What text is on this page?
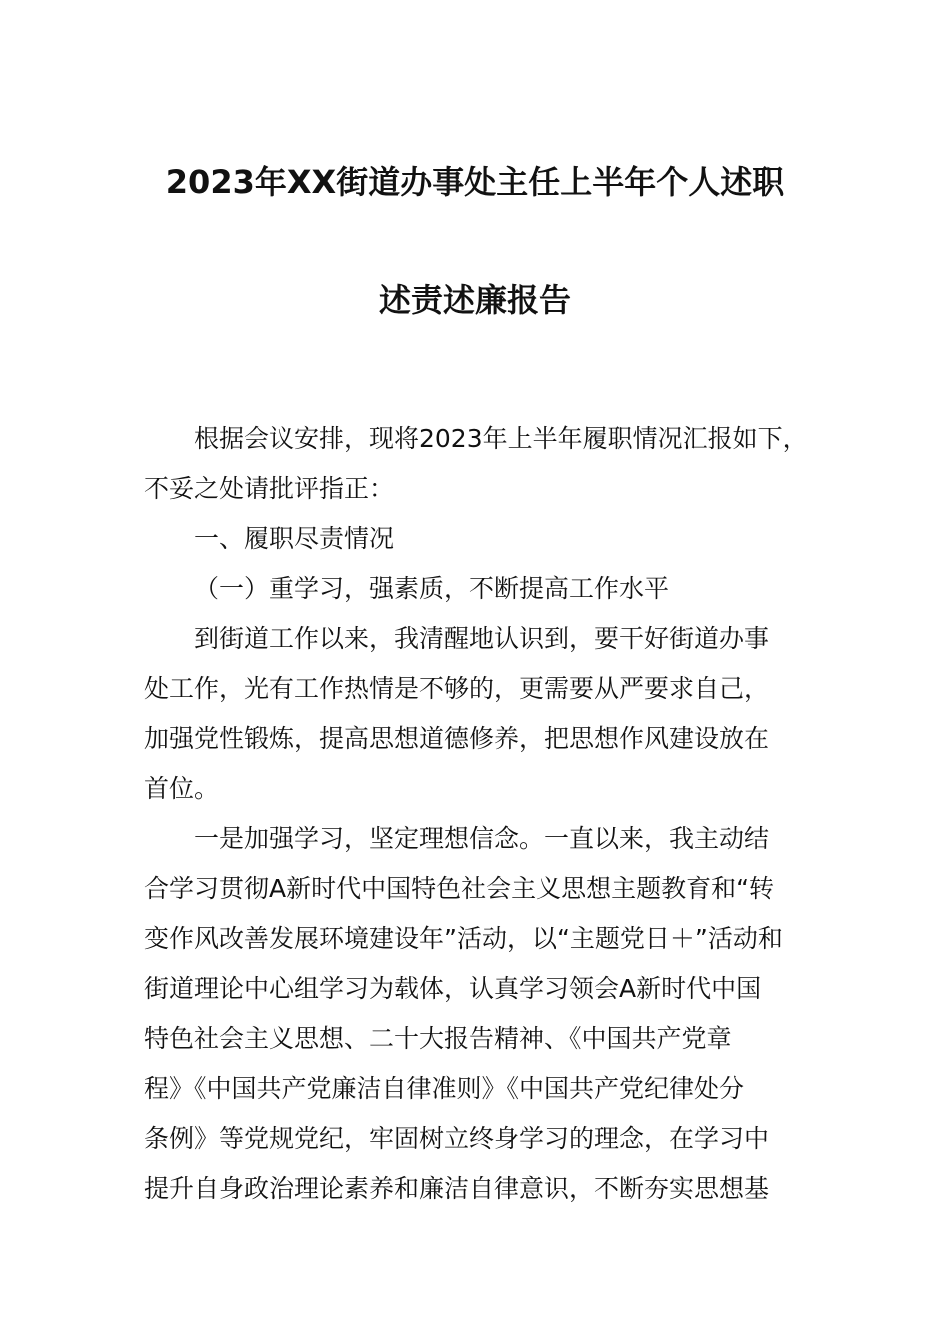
2023年XX街道办事处主任上半年个人述职
述责述廉报告
根据会议安排，现将2023年上半年履职情况汇报如下，
不妥之处请批评指正：
一、履职尽责情况
（一）重学习，强素质，不断提高工作水平
到街道工作以来，我清醒地认识到，要干好街道办事
处工作，光有工作热情是不够的，更需要从严要求自己，
加强党性锻炼，提高思想道德修养，把思想作风建设放在
首位。
一是加强学习，坚定理想信念。一直以来，我主动结
合学习贯彻A新时代中国特色社会主义思想主题教育和“转
变作风改善发展环境建设年”活动，以“主题党日＋”活动和
街道理论中心组学习为载体，认真学习领会A新时代中国
特色社会主义思想、二十大报告精神、《中国共产党章
程》《中国共产党廉洁自律准则》《中国共产党纪律处分
条例》等党规党纪，牢固树立终身学习的理念，在学习中
提升自身政治理论素养和廉洁自律意识，不断夯实思想基
